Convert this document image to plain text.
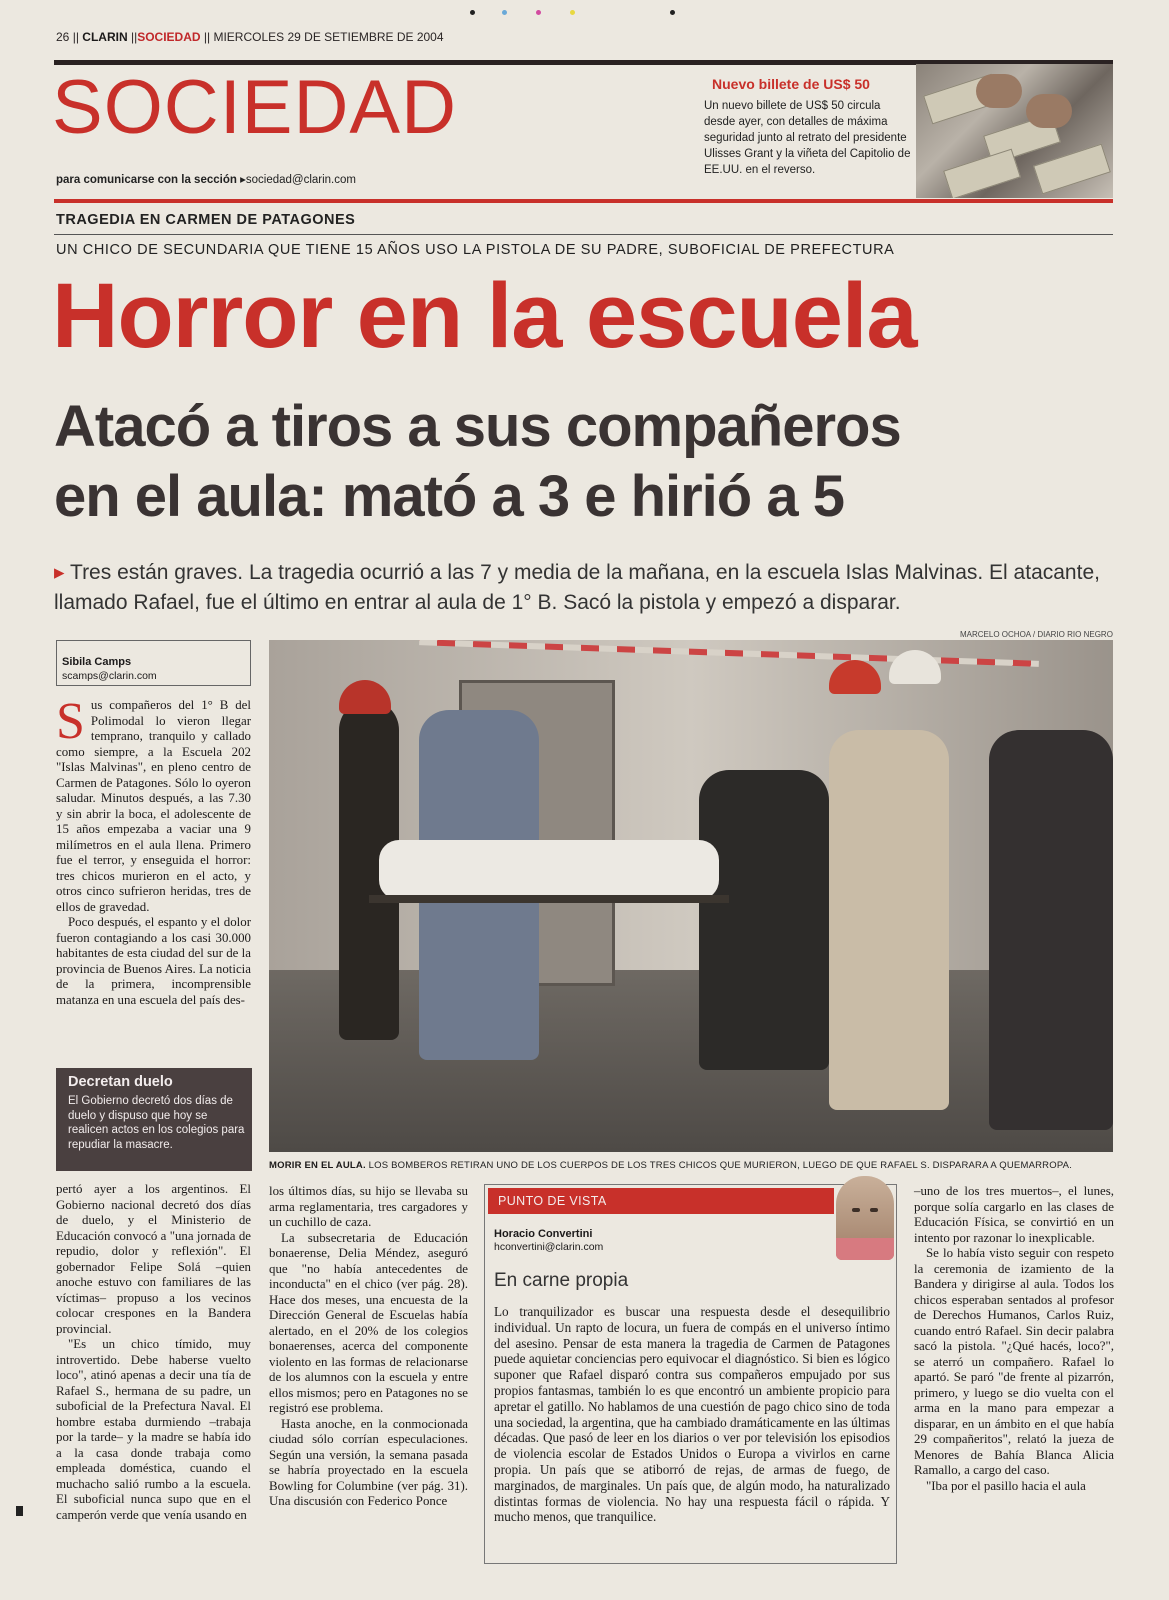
26 || CLARIN ||SOCIEDAD || MIERCOLES 29 DE SETIEMBRE DE 2004
SOCIEDAD
para comunicarse con la sección ▸sociedad@clarin.com
Nuevo billete de US$ 50
Un nuevo billete de US$ 50 circula desde ayer, con detalles de máxima seguridad junto al retrato del presidente Ulisses Grant y la viñeta del Capitolio de EE.UU. en el reverso.
TRAGEDIA EN CARMEN DE PATAGONES
UN CHICO DE SECUNDARIA QUE TIENE 15 AÑOS USO LA PISTOLA DE SU PADRE, SUBOFICIAL DE PREFECTURA
Horror en la escuela
Atacó a tiros a sus compañeros
en el aula: mató a 3 e hirió a 5
▸ Tres están graves. La tragedia ocurrió a las 7 y media de la mañana, en la escuela Islas Malvinas. El atacante, llamado Rafael, fue el último en entrar al aula de 1° B. Sacó la pistola y empezó a disparar.
MARCELO OCHOA / DIARIO RIO NEGRO
Sibila Camps
scamps@clarin.com

Sus compañeros del 1° B del Polimodal lo vieron llegar temprano, tranquilo y callado como siempre, a la Escuela 202 "Islas Malvinas", en pleno centro de Carmen de Patagones. Sólo lo oyeron saludar. Minutos después, a las 7.30 y sin abrir la boca, el adolescente de 15 años empezaba a vaciar una 9 milímetros en el aula llena. Primero fue el terror, y enseguida el horror: tres chicos murieron en el acto, y otros cinco sufrieron heridas, tres de ellos de gravedad.

Poco después, el espanto y el dolor fueron contagiando a los casi 30.000 habitantes de esta ciudad del sur de la provincia de Buenos Aires. La noticia de la primera, incomprensible matanza en una escuela del país des-

Decretan duelo
El Gobierno decretó dos días de duelo y dispuso que hoy se realicen actos en los colegios para repudiar la masacre.

pertó ayer a los argentinos. El Gobierno nacional decretó dos días de duelo, y el Ministerio de Educación convocó a "una jornada de repudio, dolor y reflexión". El gobernador Felipe Solá –quien anoche estuvo con familiares de las víctimas– propuso a los vecinos colocar crespones en la Bandera provincial.

"Es un chico tímido, muy introvertido. Debe haberse vuelto loco", atinó apenas a decir una tía de Rafael S., hermana de su padre, un suboficial de la Prefectura Naval. El hombre estaba durmiendo –trabaja por la tarde– y la madre se había ido a la casa donde trabaja como empleada doméstica, cuando el muchacho salió rumbo a la escuela. El suboficial nunca supo que en el camperón verde que venía usando en

MORIR EN EL AULA. LOS BOMBEROS RETIRAN UNO DE LOS CUERPOS DE LOS TRES CHICOS QUE MURIERON, LUEGO DE QUE RAFAEL S. DISPARARA A QUEMARROPA.

los últimos días, su hijo se llevaba su arma reglamentaria, tres cargadores y un cuchillo de caza.

La subsecretaria de Educación bonaerense, Delia Méndez, aseguró que "no había antecedentes de inconducta" en el chico (ver pág. 28). Hace dos meses, una encuesta de la Dirección General de Escuelas había alertado, en el 20% de los colegios bonaerenses, acerca del componente violento en las formas de relacionarse de los alumnos con la escuela y entre ellos mismos; pero en Patagones no se registró ese problema.

Hasta anoche, en la conmocionada ciudad sólo corrían especulaciones. Según una versión, la semana pasada se habría proyectado en la escuela Bowling for Columbine (ver pág. 31). Una discusión con Federico Ponce

PUNTO DE VISTA
Horacio Convertini
hconvertini@clarin.com
En carne propia
Lo tranquilizador es buscar una respuesta desde el desequilibrio individual. Un rapto de locura, un fuera de compás en el universo íntimo del asesino. Pensar de esta manera la tragedia de Carmen de Patagones puede aquietar conciencias pero equivocar el diagnóstico. Si bien es lógico suponer que Rafael disparó contra sus compañeros empujado por sus propios fantasmas, también lo es que encontró un ambiente propicio para apretar el gatillo. No hablamos de una cuestión de pago chico sino de toda una sociedad, la argentina, que ha cambiado dramáticamente en las últimas décadas. Que pasó de leer en los diarios o ver por televisión los episodios de violencia escolar de Estados Unidos o Europa a vivirlos en carne propia. Un país que se atiborró de rejas, de armas de fuego, de marginados, de marginales. Un país que, de algún modo, ha naturalizado distintas formas de violencia. No hay una respuesta fácil o rápida. Y mucho menos, que tranquilice.

–uno de los tres muertos–, el lunes, porque solía cargarlo en las clases de Educación Física, se convirtió en un intento por razonar lo inexplicable.

Se lo había visto seguir con respeto la ceremonia de izamiento de la Bandera y dirigirse al aula. Todos los chicos esperaban sentados al profesor de Derechos Humanos, Carlos Ruiz, cuando entró Rafael. Sin decir palabra sacó la pistola. "¿Qué hacés, loco?", se aterró un compañero. Rafael lo apartó. Se paró "de frente al pizarrón, primero, y luego se dio vuelta con el arma en la mano para empezar a disparar, en un ámbito en el que había 29 compañeritos", relató la jueza de Menores de Bahía Blanca Alicia Ramallo, a cargo del caso.

"Iba por el pasillo hacia el aula
